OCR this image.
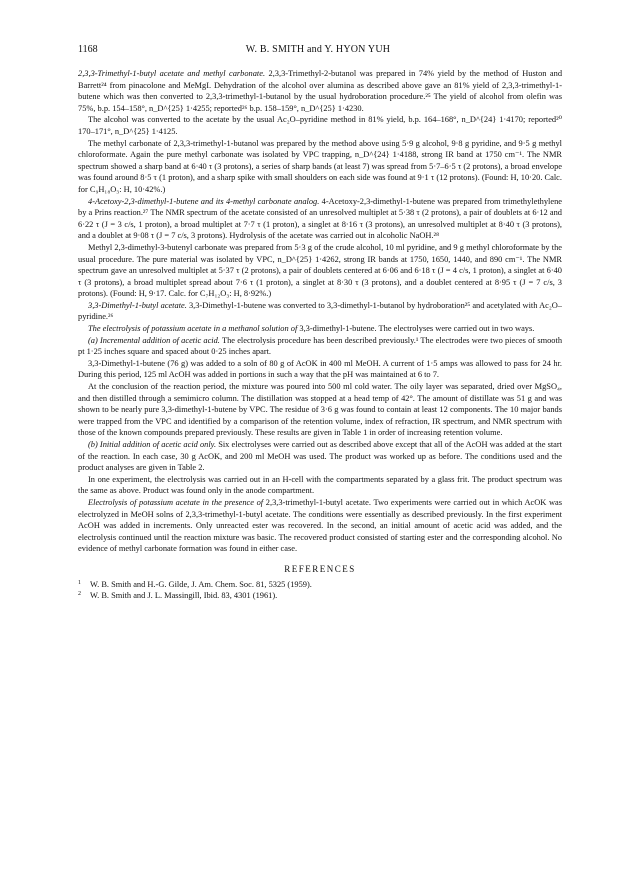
1168	W. B. SMITH and Y. HYON YUH

2,3,3-Trimethyl-1-butyl acetate and methyl carbonate. 2,3,3-Trimethyl-2-butanol was prepared in 74% yield by the method of Huston and Barrett²⁴ from pinacolone and MeMgI. Dehydration of the alcohol over alumina as described above gave an 81% yield of 2,3,3-trimethyl-1-butene which was then converted to 2,3,3-trimethyl-1-butanol by the usual hydroboration procedure.²⁵ The yield of alcohol from olefin was 75%, b.p. 154–158°, n_D^{25} 1·4255; reported²⁶ b.p. 158–159°, n_D^{25} 1·4230.

The alcohol was converted to the acetate by the usual Ac₂O–pyridine method in 81% yield, b.p. 164–168°, n_D^{24} 1·4170; reported²⁰ 170–171°, n_D^{25} 1·4125.

The methyl carbonate of 2,3,3-trimethyl-1-butanol was prepared by the method above using 5·9 g alcohol, 9·8 g pyridine, and 9·5 g methyl chloroformate. Again the pure methyl carbonate was isolated by VPC trapping, n_D^{24} 1·4188, strong IR band at 1750 cm⁻¹. The NMR spectrum showed a sharp band at 6·40 τ (3 protons), a series of sharp bands (at least 7) was spread from 5·7–6·5 τ (2 protons), a broad envelope was found around 8·5 τ (1 proton), and a sharp spike with small shoulders on each side was found at 9·1 τ (12 protons). (Found: H, 10·20. Calc. for C₉H₁₈O₃: H, 10·42%.)

4-Acetoxy-2,3-dimethyl-1-butene and its 4-methyl carbonate analog. 4-Acetoxy-2,3-dimethyl-1-butene was prepared from trimethylethylene by a Prins reaction.²⁷ The NMR spectrum of the acetate consisted of an unresolved multiplet at 5·38 τ (2 protons), a pair of doublets at 6·12 and 6·22 τ (J = 3 c/s, 1 proton), a broad multiplet at 7·7 τ (1 proton), a singlet at 8·16 τ (3 protons), an unresolved multiplet at 8·40 τ (3 protons), and a doublet at 9·08 τ (J = 7 c/s, 3 protons). Hydrolysis of the acetate was carried out in alcoholic NaOH.²⁸

Methyl 2,3-dimethyl-3-butenyl carbonate was prepared from 5·3 g of the crude alcohol, 10 ml pyridine, and 9 g methyl chloroformate by the usual procedure. The pure material was isolated by VPC, n_D^{25} 1·4262, strong IR bands at 1750, 1650, 1440, and 890 cm⁻¹. The NMR spectrum gave an unresolved multiplet at 5·37 τ (2 protons), a pair of doublets centered at 6·06 and 6·18 τ (J = 4 c/s, 1 proton), a singlet at 6·40 τ (3 protons), a broad multiplet spread about 7·6 τ (1 proton), a singlet at 8·30 τ (3 protons), and a doublet centered at 8·95 τ (J = 7 c/s, 3 protons). (Found: H, 9·17. Calc. for C₇H₁₂O₃: H, 8·92%.)

3,3-Dimethyl-1-butyl acetate. 3,3-Dimethyl-1-butene was converted to 3,3-dimethyl-1-butanol by hydroboration²⁵ and acetylated with Ac₂O–pyridine.²⁶

The electrolysis of potassium acetate in a methanol solution of 3,3-dimethyl-1-butene. The electrolyses were carried out in two ways.

(a) Incremental addition of acetic acid. The electrolysis procedure has been described previously.¹ The electrodes were two pieces of smooth pt 1·25 inches square and spaced about 0·25 inches apart.

3,3-Dimethyl-1-butene (76 g) was added to a soln of 80 g of AcOK in 400 ml MeOH. A current of 1·5 amps was allowed to pass for 24 hr. During this period, 125 ml AcOH was added in portions in such a way that the pH was maintained at 6 to 7.

At the conclusion of the reaction period, the mixture was poured into 500 ml cold water. The oily layer was separated, dried over MgSO₄, and then distilled through a semimicro column. The distillation was stopped at a head temp of 42°. The amount of distillate was 51 g and was shown to be nearly pure 3,3-dimethyl-1-butene by VPC. The residue of 3·6 g was found to contain at least 12 components. The 10 major bands were trapped from the VPC and identified by a comparison of the retention volume, index of refraction, IR spectrum, and NMR spectrum with those of the known compounds prepared previously. These results are given in Table 1 in order of increasing retention volume.

(b) Initial addition of acetic acid only. Six electrolyses were carried out as described above except that all of the AcOH was added at the start of the reaction. In each case, 30 g AcOK, and 200 ml MeOH was used. The product was worked up as before. The conditions used and the product analyses are given in Table 2.

In one experiment, the electrolysis was carried out in an H-cell with the compartments separated by a glass frit. The product spectrum was the same as above. Product was found only in the anode compartment.

Electrolysis of potassium acetate in the presence of 2,3,3-trimethyl-1-butyl acetate. Two experiments were carried out in which AcOK was electrolyzed in MeOH solns of 2,3,3-trimethyl-1-butyl acetate. The conditions were essentially as described previously. In the first experiment AcOH was added in increments. Only unreacted ester was recovered. In the second, an initial amount of acetic acid was added, and the electrolysis continued until the reaction mixture was basic. The recovered product consisted of starting ester and the corresponding alcohol. No evidence of methyl carbonate formation was found in either case.

REFERENCES
1	W. B. Smith and H.-G. Gilde, J. Am. Chem. Soc. 81, 5325 (1959).
2	W. B. Smith and J. L. Massingill, Ibid. 83, 4301 (1961).
